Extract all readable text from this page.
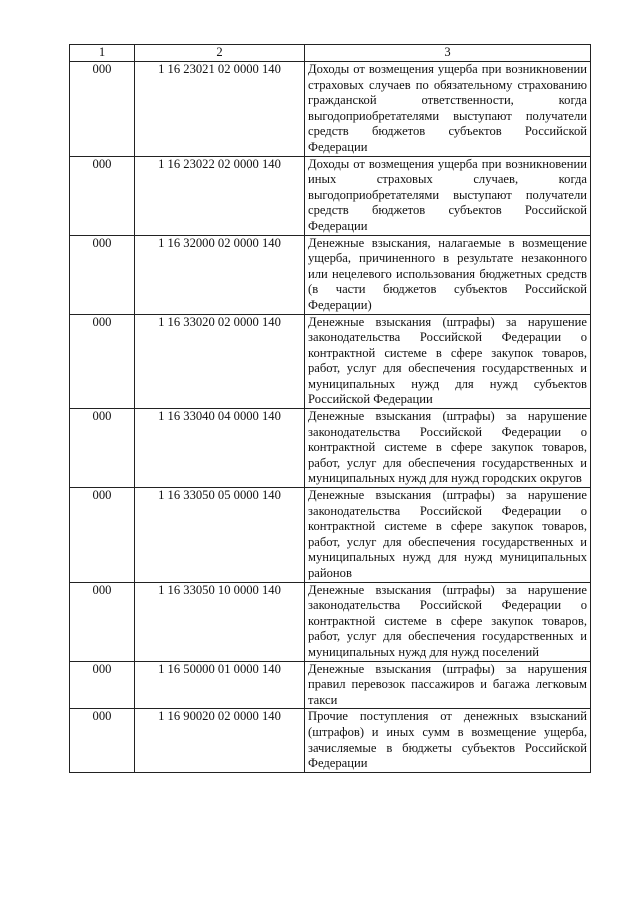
1	2	3
000	1 16 23021 02 0000 140	Доходы от возмещения ущерба при возникновении страховых случаев по обязательному страхованию гражданской ответственности, когда выгодоприобретателями выступают получатели средств бюджетов субъектов Российской Федерации
000	1 16 23022 02 0000 140	Доходы от возмещения ущерба при возникновении иных страховых случаев, когда выгодоприобретателями выступают получатели средств бюджетов субъектов Российской Федерации
000	1 16 32000 02 0000 140	Денежные взыскания, налагаемые в возмещение ущерба, причиненного в результате незаконного или нецелевого использования бюджетных средств (в части бюджетов субъектов Российской Федерации)
000	1 16 33020 02 0000 140	Денежные взыскания (штрафы) за нарушение законодательства Российской Федерации о контрактной системе в сфере закупок товаров, работ, услуг для обеспечения государственных и муниципальных нужд для нужд субъектов Российской Федерации
000	1 16 33040 04 0000 140	Денежные взыскания (штрафы) за нарушение законодательства Российской Федерации о контрактной системе в сфере закупок товаров, работ, услуг для обеспечения государственных и муниципальных нужд для нужд городских округов
000	1 16 33050 05 0000 140	Денежные взыскания (штрафы) за нарушение законодательства Российской Федерации о контрактной системе в сфере закупок товаров, работ, услуг для обеспечения государственных и муниципальных нужд для нужд муниципальных районов
000	1 16 33050 10 0000 140	Денежные взыскания (штрафы) за нарушение законодательства Российской Федерации о контрактной системе в сфере закупок товаров, работ, услуг для обеспечения государственных и муниципальных нужд для нужд поселений
000	1 16 50000 01 0000 140	Денежные взыскания (штрафы) за нарушения правил перевозок пассажиров и багажа легковым такси
000	1 16 90020 02 0000 140	Прочие поступления от денежных взысканий (штрафов) и иных сумм в возмещение ущерба, зачисляемые в бюджеты субъектов Российской Федерации
